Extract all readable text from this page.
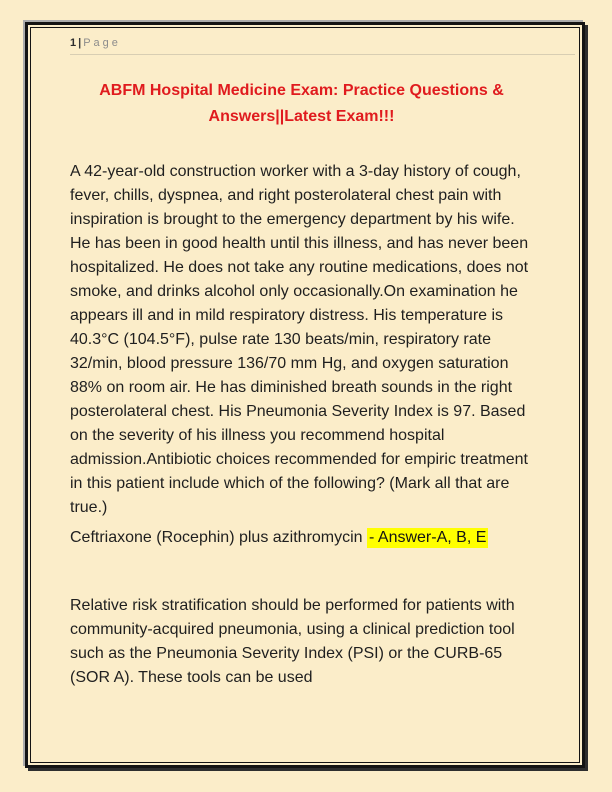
1 | Page
ABFM Hospital Medicine Exam: Practice Questions & Answers||Latest Exam!!!

A 42-year-old construction worker with a 3-day history of cough, fever, chills, dyspnea, and right posterolateral chest pain with inspiration is brought to the emergency department by his wife. He has been in good health until this illness, and has never been hospitalized. He does not take any routine medications, does not smoke, and drinks alcohol only occasionally.On examination he appears ill and in mild respiratory distress. His temperature is 40.3°C (104.5°F), pulse rate 130 beats/min, respiratory rate 32/min, blood pressure 136/70 mm Hg, and oxygen saturation 88% on room air. He has diminished breath sounds in the right posterolateral chest. His Pneumonia Severity Index is 97. Based on the severity of his illness you recommend hospital admission.Antibiotic choices recommended for empiric treatment in this patient include which of the following? (Mark all that are true.)

Ceftriaxone (Rocephin) plus azithromycin - Answer-A, B, E

Relative risk stratification should be performed for patients with community-acquired pneumonia, using a clinical prediction tool such as the Pneumonia Severity Index (PSI) or the CURB-65 (SOR A). These tools can be used
